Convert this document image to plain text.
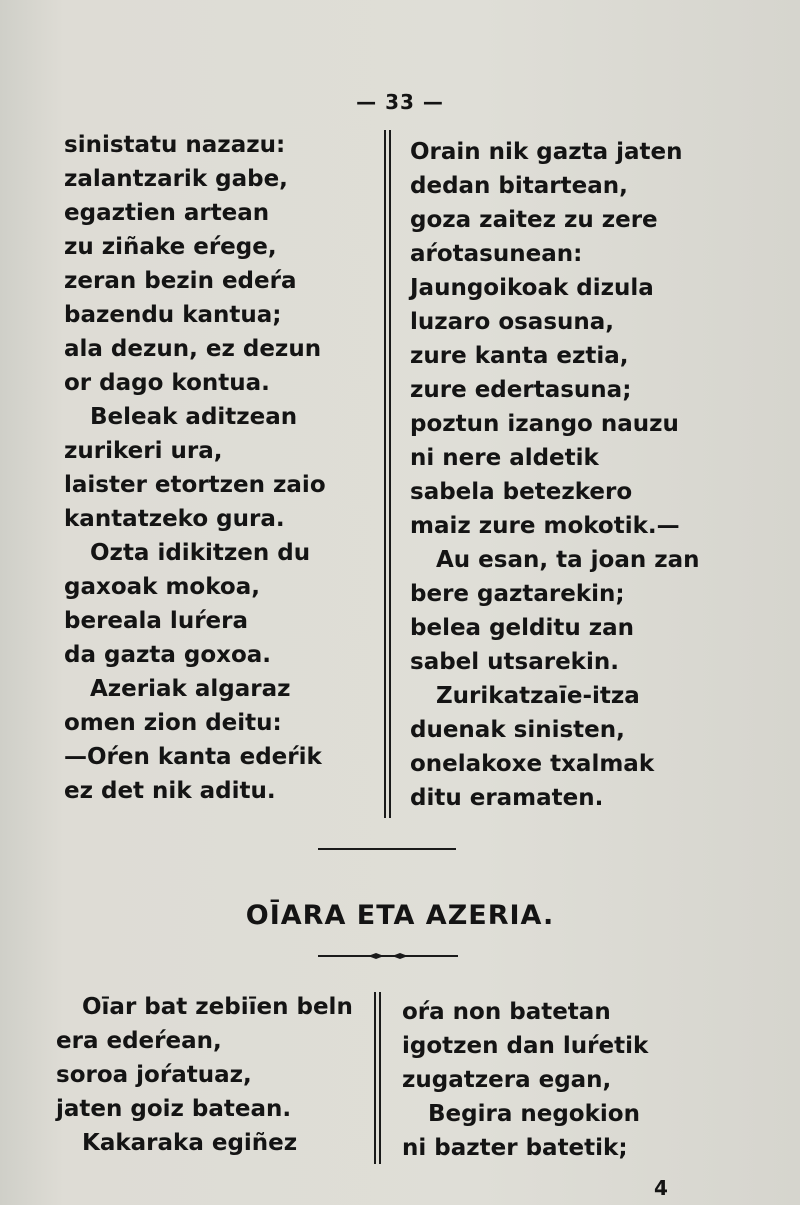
— 33 —
sinistatu nazazu:
zalantzarik gabe,
egaztien artean
zu ziñake eŕege,
zeran bezin edeŕa
bazendu kantua;
ala dezun, ez dezun
or dago kontua.
Beleak aditzean
zurikeri ura,
laister etortzen zaio
kantatzeko gura.
Ozta idikitzen du
gaxoak mokoa,
bereala luŕera
da gazta goxoa.
Azeriak algaraz
omen zion deitu:
—Oŕen kanta edeŕik
ez det nik aditu.
Orain nik gazta jaten
dedan bitartean,
goza zaitez zu zere
aŕotasunean:
Jaungoikoak dizula
luzaro osasuna,
zure kanta eztia,
zure edertasuna;
poztun izango nauzu
ni nere aldetik
sabela betezkero
maiz zure mokotik.—
Au esan, ta joan zan
bere gaztarekin;
belea gelditu zan
sabel utsarekin.
Zurikatzaīe-itza
duenak sinisten,
onelakoxe txalmak
ditu eramaten.
OĪARA ETA AZERIA.
Oīar bat zebiīen beln
era edeŕean,
soroa joŕatuaz,
jaten goiz batean.
Kakaraka egiñez
oŕa non batetan
igotzen dan luŕetik
zugatzera egan,
Begira negokion
ni bazter batetik;
4
